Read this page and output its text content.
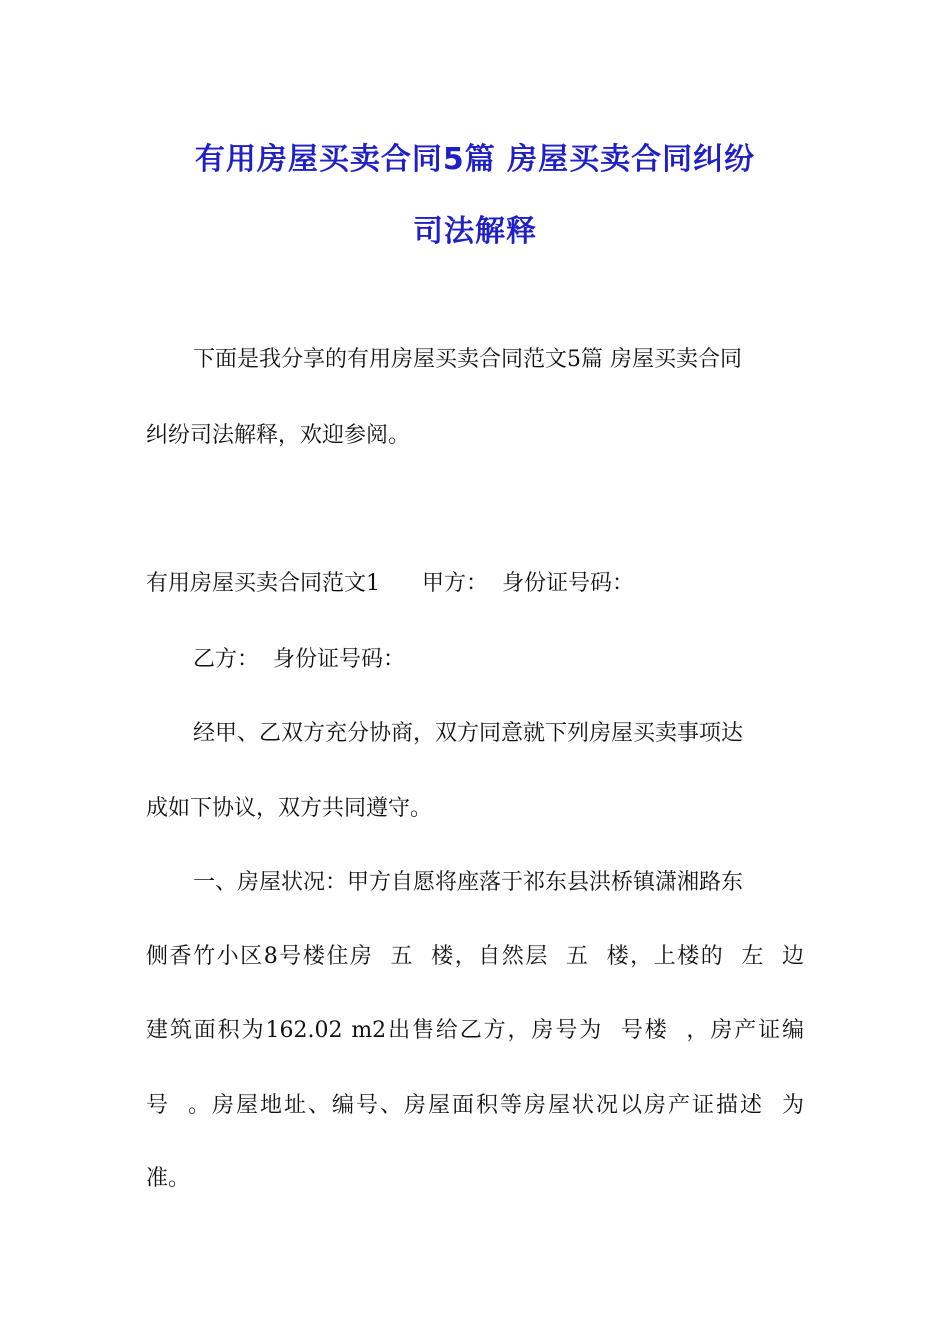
有用房屋买卖合同5篇 房屋买卖合同纠纷
司法解释
下面是我分享的有用房屋买卖合同范文5篇 房屋买卖合同
纠纷司法解释，欢迎参阅。
有用房屋买卖合同范文1      甲方：  身份证号码：
乙方：  身份证号码：
经甲、乙双方充分协商，双方同意就下列房屋买卖事项达
成如下协议，双方共同遵守。
一、房屋状况：甲方自愿将座落于祁东县洪桥镇潇湘路东
侧香竹小区8号楼住房  五  楼，自然层  五  楼，上楼的  左  边
建筑面积为162.02 m2出售给乙方，房号为  号楼  ，房产证编
号  。房屋地址、编号、房屋面积等房屋状况以房产证描述  为
准。
